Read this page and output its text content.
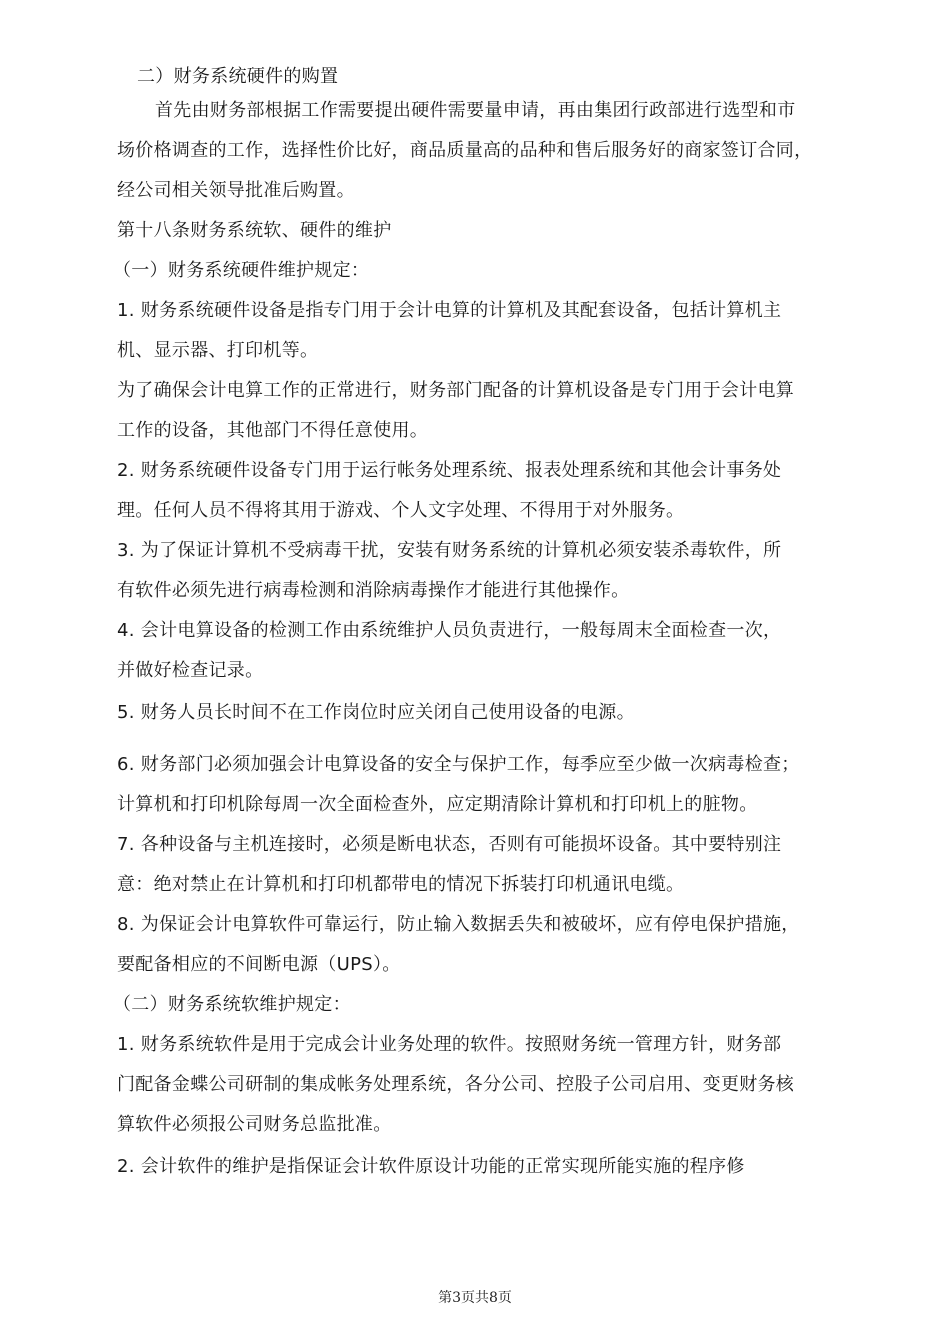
二）财务系统硬件的购置
首先由财务部根据工作需要提出硬件需要量申请，再由集团行政部进行选型和市
场价格调查的工作，选择性价比好，商品质量高的品种和售后服务好的商家签订合同，
经公司相关领导批准后购置。
第十八条财务系统软、硬件的维护
（一）财务系统硬件维护规定：
1. 财务系统硬件设备是指专门用于会计电算的计算机及其配套设备，包括计算机主
机、显示器、打印机等。
为了确保会计电算工作的正常进行，财务部门配备的计算机设备是专门用于会计电算
工作的设备，其他部门不得任意使用。
2. 财务系统硬件设备专门用于运行帐务处理系统、报表处理系统和其他会计事务处
理。任何人员不得将其用于游戏、个人文字处理、不得用于对外服务。
3. 为了保证计算机不受病毒干扰，安装有财务系统的计算机必须安装杀毒软件，所
有软件必须先进行病毒检测和消除病毒操作才能进行其他操作。
4. 会计电算设备的检测工作由系统维护人员负责进行，一般每周末全面检查一次，
并做好检查记录。
5. 财务人员长时间不在工作岗位时应关闭自己使用设备的电源。
6. 财务部门必须加强会计电算设备的安全与保护工作，每季应至少做一次病毒检查；
计算机和打印机除每周一次全面检查外，应定期清除计算机和打印机上的脏物。
7. 各种设备与主机连接时，必须是断电状态，否则有可能损坏设备。其中要特别注
意：绝对禁止在计算机和打印机都带电的情况下拆装打印机通讯电缆。
8. 为保证会计电算软件可靠运行，防止输入数据丢失和被破坏，应有停电保护措施，
要配备相应的不间断电源（UPS）。
（二）财务系统软维护规定：
1. 财务系统软件是用于完成会计业务处理的软件。按照财务统一管理方针，财务部
门配备金蝶公司研制的集成帐务处理系统，各分公司、控股子公司启用、变更财务核
算软件必须报公司财务总监批准。
2. 会计软件的维护是指保证会计软件原设计功能的正常实现所能实施的程序修
第3页共8页
